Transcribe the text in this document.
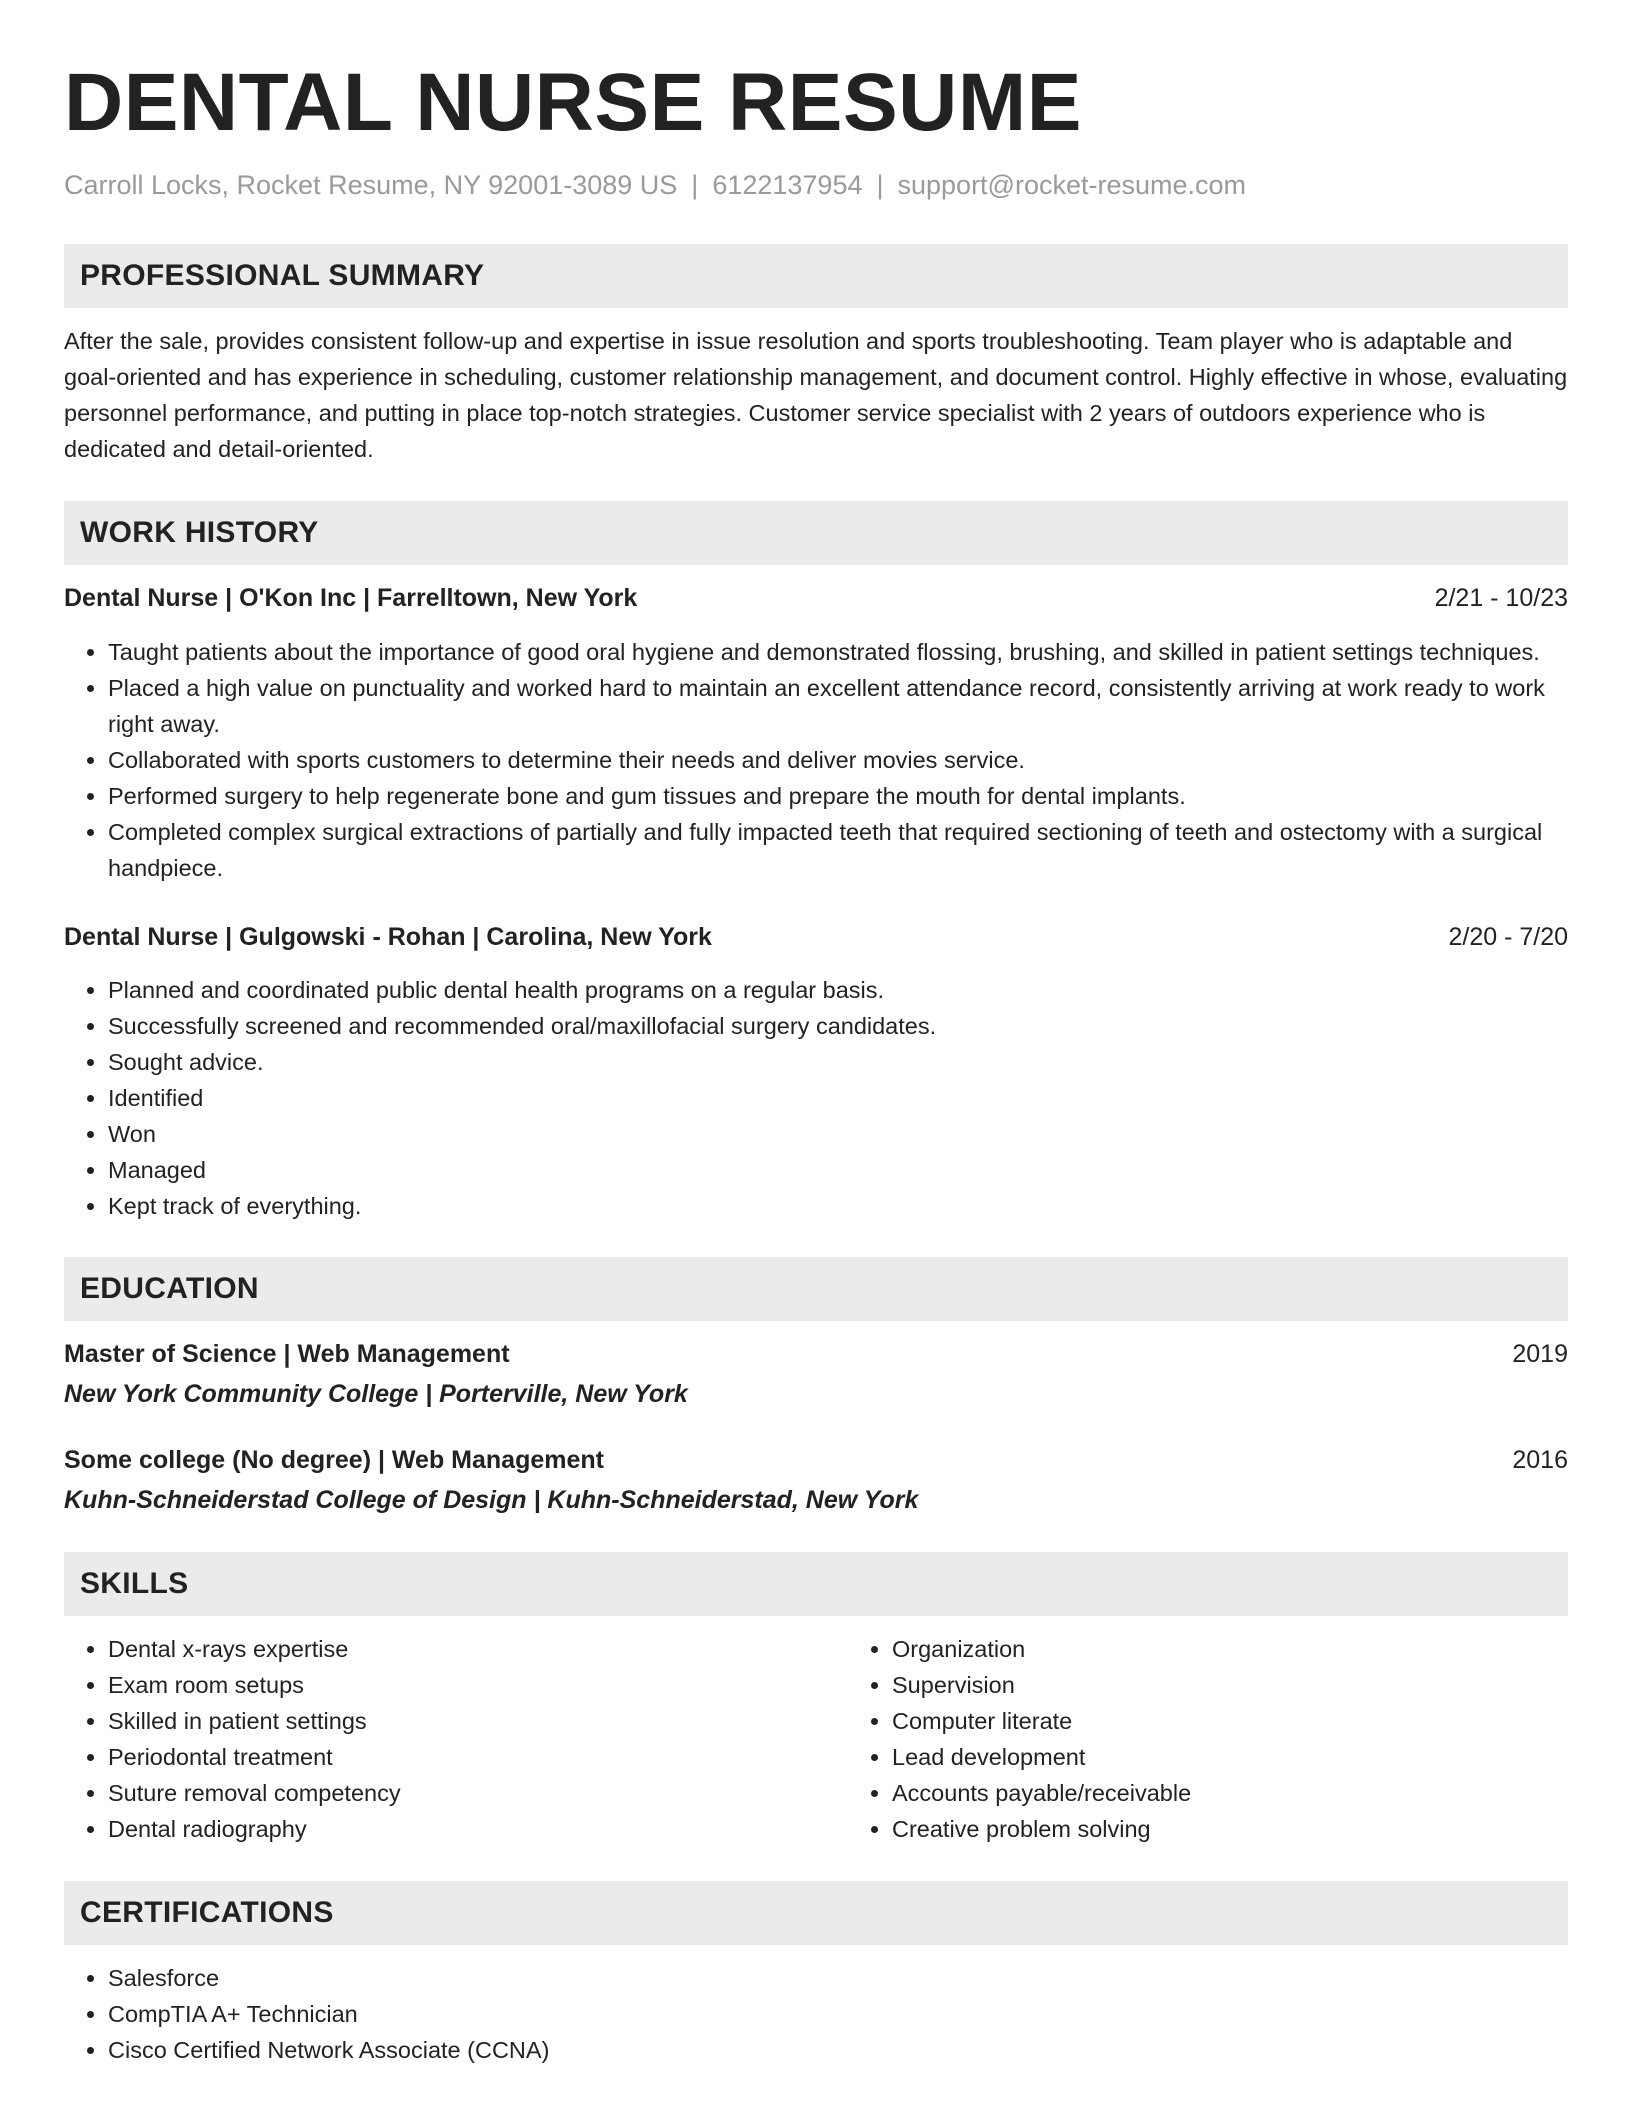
DENTAL NURSE RESUME
Carroll Locks, Rocket Resume, NY 92001-3089 US | 6122137954 | support@rocket-resume.com
PROFESSIONAL SUMMARY

After the sale, provides consistent follow-up and expertise in issue resolution and sports troubleshooting. Team player who is adaptable and goal-oriented and has experience in scheduling, customer relationship management, and document control. Highly effective in whose, evaluating personnel performance, and putting in place top-notch strategies. Customer service specialist with 2 years of outdoors experience who is dedicated and detail-oriented.

WORK HISTORY
Dental Nurse | O'Kon Inc | Farrelltown, New York	2/21 - 10/23
• Taught patients about the importance of good oral hygiene and demonstrated flossing, brushing, and skilled in patient settings techniques.
• Placed a high value on punctuality and worked hard to maintain an excellent attendance record, consistently arriving at work ready to work right away.
• Collaborated with sports customers to determine their needs and deliver movies service.
• Performed surgery to help regenerate bone and gum tissues and prepare the mouth for dental implants.
• Completed complex surgical extractions of partially and fully impacted teeth that required sectioning of teeth and ostectomy with a surgical handpiece.
Dental Nurse | Gulgowski - Rohan | Carolina, New York	2/20 - 7/20
• Planned and coordinated public dental health programs on a regular basis.
• Successfully screened and recommended oral/maxillofacial surgery candidates.
• Sought advice.
• Identified
• Won
• Managed
• Kept track of everything.
EDUCATION
Master of Science | Web Management	2019
New York Community College | Porterville, New York
Some college (No degree) | Web Management	2016
Kuhn-Schneiderstad College of Design | Kuhn-Schneiderstad, New York
SKILLS
• Dental x-rays expertise
• Exam room setups
• Skilled in patient settings
• Periodontal treatment
• Suture removal competency
• Dental radiography
• Organization
• Supervision
• Computer literate
• Lead development
• Accounts payable/receivable
• Creative problem solving
CERTIFICATIONS
• Salesforce
• CompTIA A+ Technician
• Cisco Certified Network Associate (CCNA)
